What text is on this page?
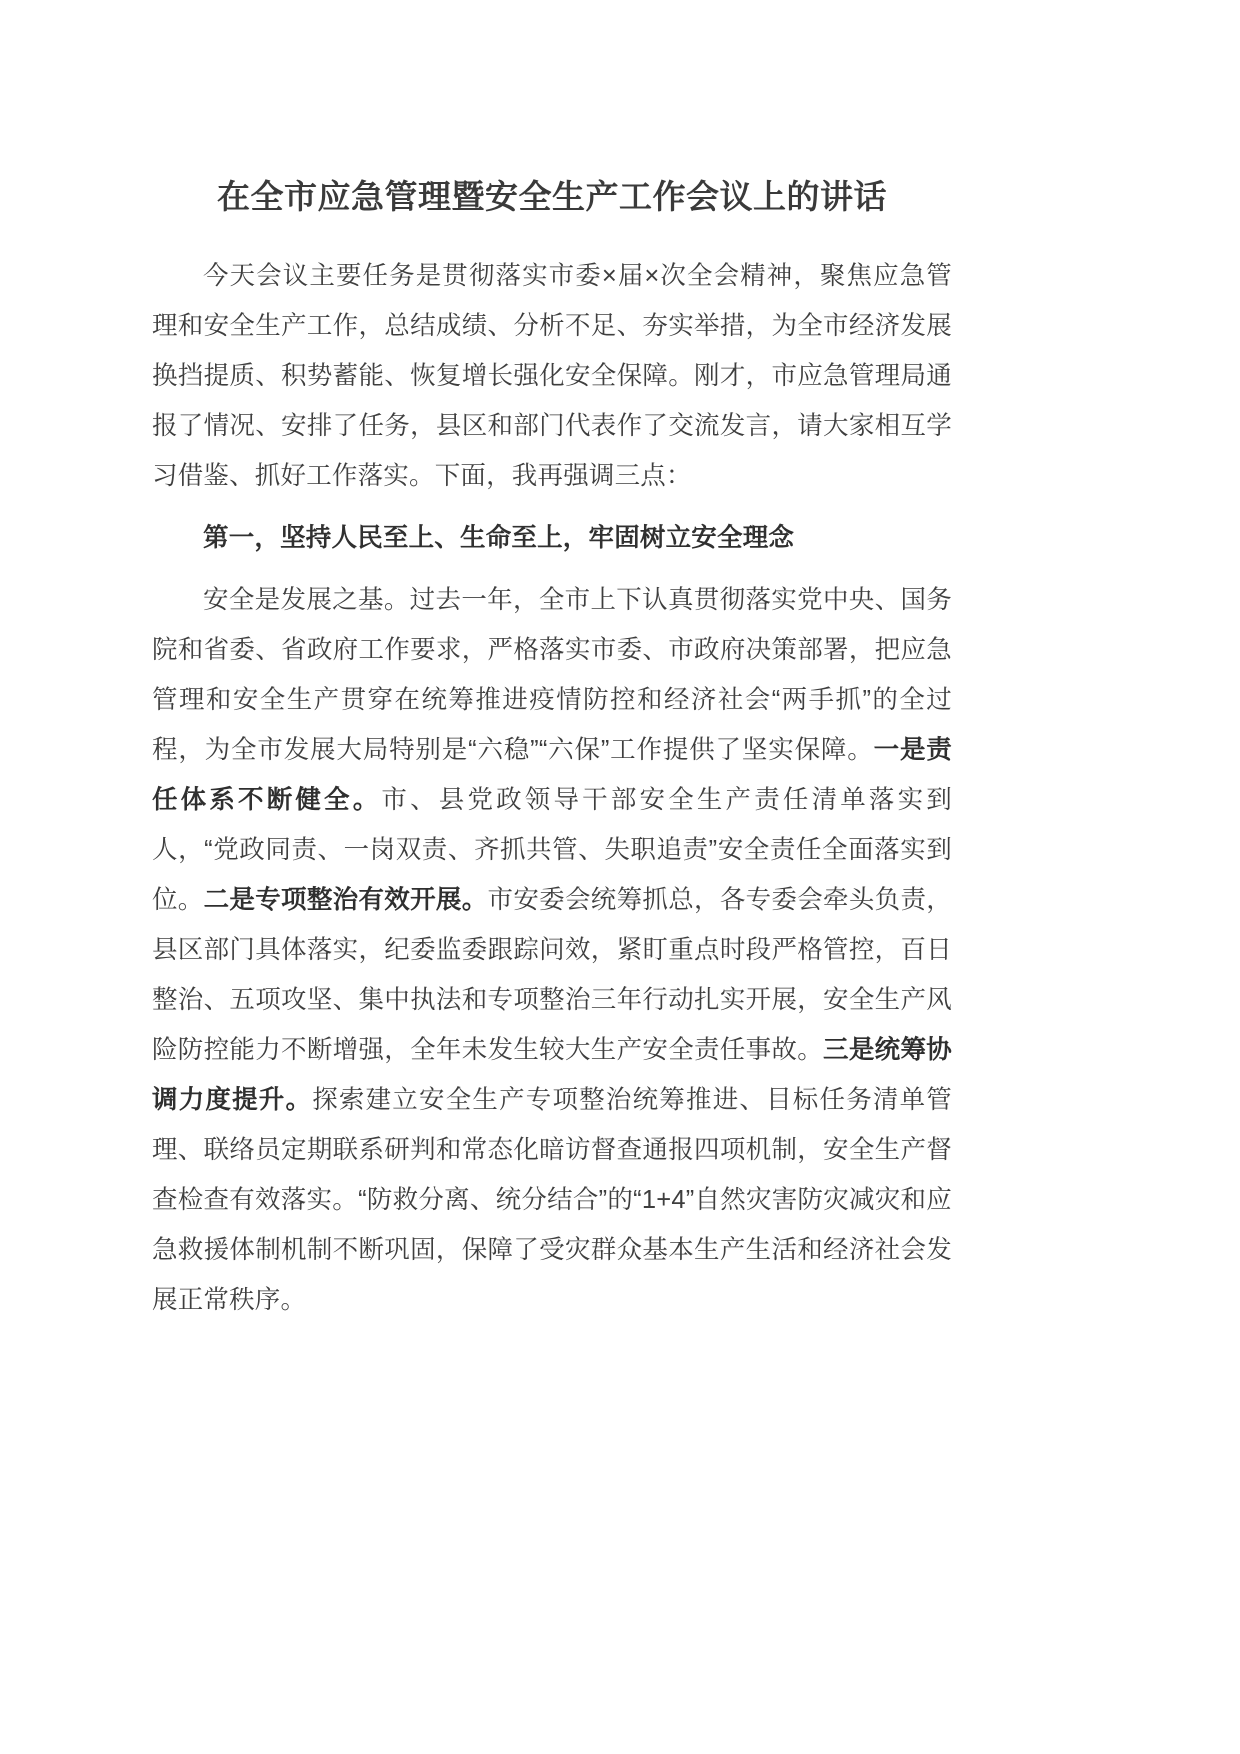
在全市应急管理暨安全生产工作会议上的讲话

今天会议主要任务是贯彻落实市委×届×次全会精神，聚焦应急管理和安全生产工作，总结成绩、分析不足、夯实举措，为全市经济发展换挡提质、积势蓄能、恢复增长强化安全保障。刚才，市应急管理局通报了情况、安排了任务，县区和部门代表作了交流发言，请大家相互学习借鉴、抓好工作落实。下面，我再强调三点：

第一，坚持人民至上、生命至上，牢固树立安全理念

安全是发展之基。过去一年，全市上下认真贯彻落实党中央、国务院和省委、省政府工作要求，严格落实市委、市政府决策部署，把应急管理和安全生产贯穿在统筹推进疫情防控和经济社会“两手抓”的全过程，为全市发展大局特别是“六稳”“六保”工作提供了坚实保障。一是责任体系不断健全。市、县党政领导干部安全生产责任清单落实到人，“党政同责、一岗双责、齐抓共管、失职追责”安全责任全面落实到位。二是专项整治有效开展。市安委会统筹抓总，各专委会牵头负责，县区部门具体落实，纪委监委跟踪问效，紧盯重点时段严格管控，百日整治、五项攻坚、集中执法和专项整治三年行动扎实开展，安全生产风险防控能力不断增强，全年未发生较大生产安全责任事故。三是统筹协调力度提升。探索建立安全生产专项整治统筹推进、目标任务清单管理、联络员定期联系研判和常态化暗访督查通报四项机制，安全生产督查检查有效落实。“防救分离、统分结合”的“1+4”自然灾害防灾减灾和应急救援体制机制不断巩固，保障了受灾群众基本生产生活和经济社会发展正常秩序。
